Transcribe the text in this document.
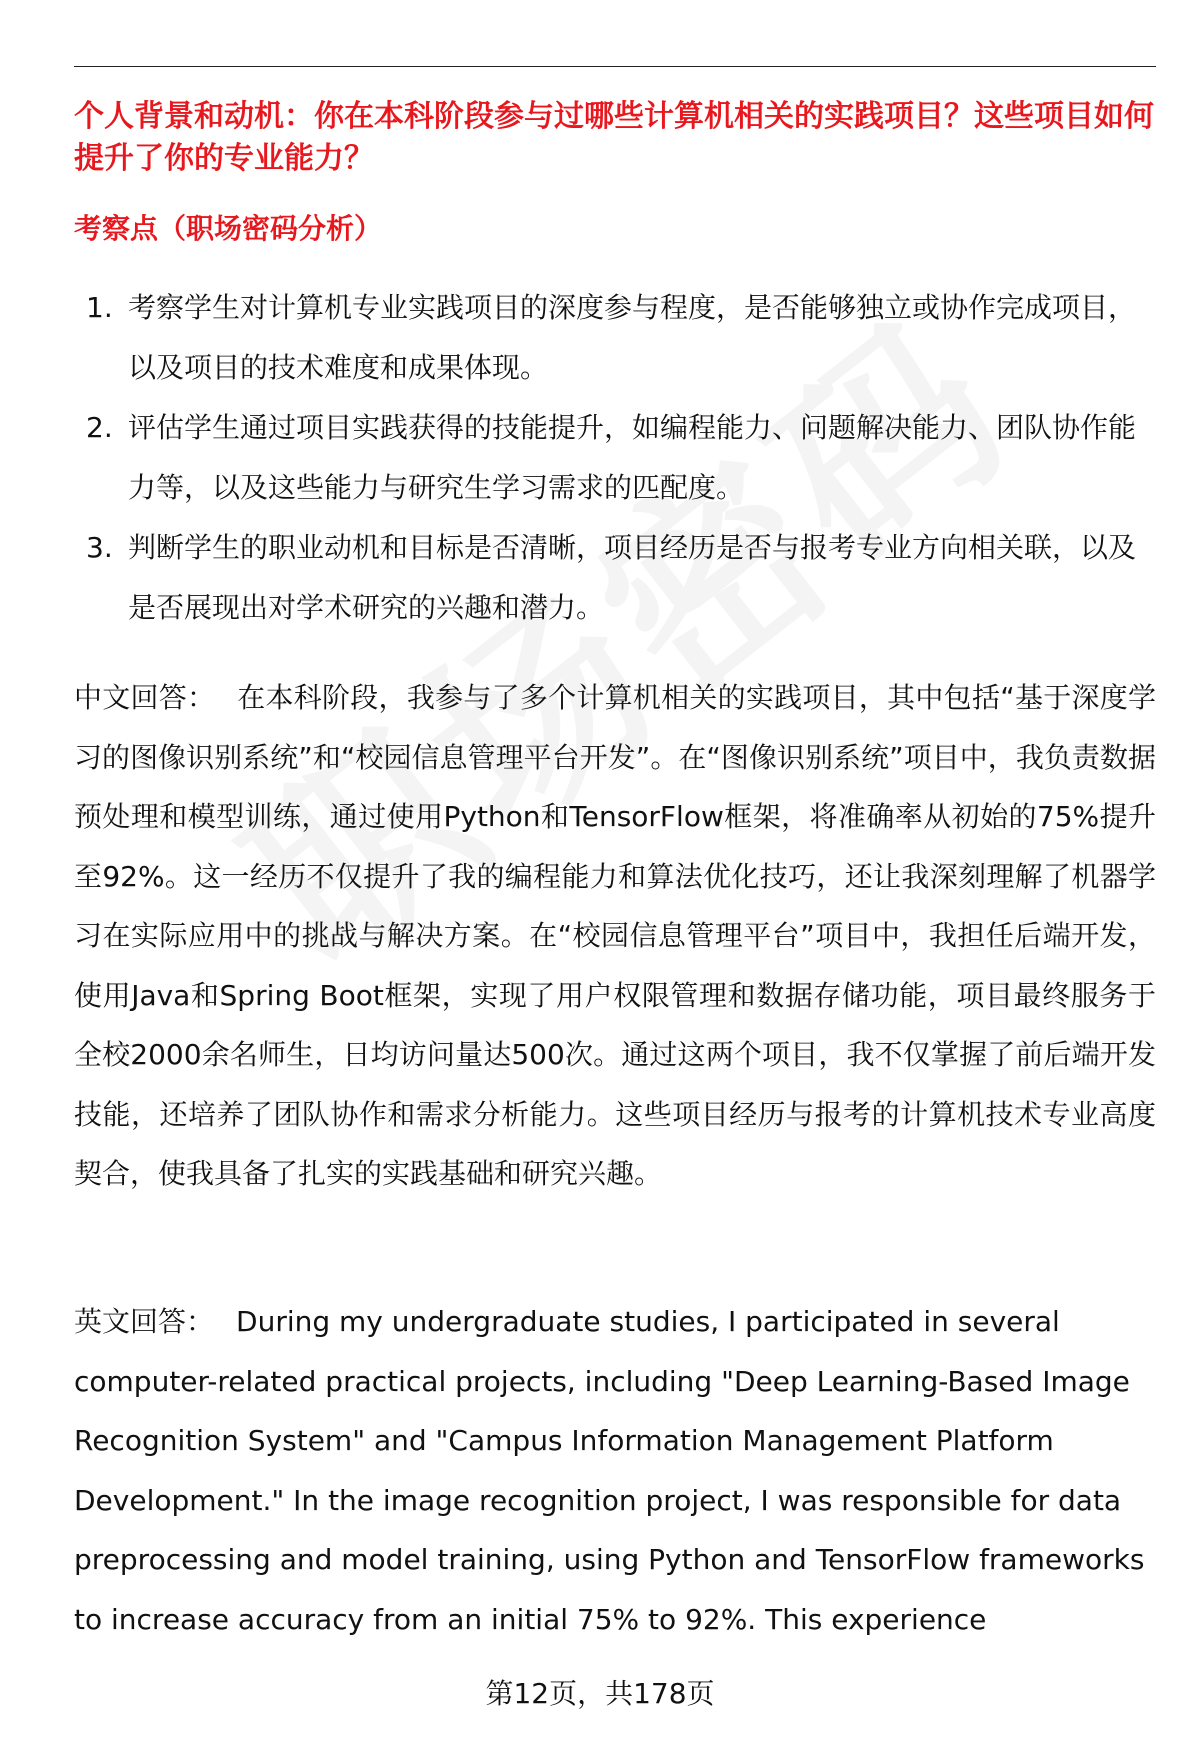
个人背景和动机：你在本科阶段参与过哪些计算机相关的实践项目？这些项目如何提升了你的专业能力？
考察点（职场密码分析）
1. 考察学生对计算机专业实践项目的深度参与程度，是否能够独立或协作完成项目，以及项目的技术难度和成果体现。
2. 评估学生通过项目实践获得的技能提升，如编程能力、问题解决能力、团队协作能力等，以及这些能力与研究生学习需求的匹配度。
3. 判断学生的职业动机和目标是否清晰，项目经历是否与报考专业方向相关联，以及是否展现出对学术研究的兴趣和潜力。

中文回答： 在本科阶段，我参与了多个计算机相关的实践项目，其中包括“基于深度学习的图像识别系统”和“校园信息管理平台开发”。在“图像识别系统”项目中，我负责数据预处理和模型训练，通过使用Python和TensorFlow框架，将准确率从初始的75%提升至92%。这一经历不仅提升了我的编程能力和算法优化技巧，还让我深刻理解了机器学习在实际应用中的挑战与解决方案。在“校园信息管理平台”项目中，我担任后端开发，使用Java和Spring Boot框架，实现了用户权限管理和数据存储功能，项目最终服务于全校2000余名师生，日均访问量达500次。通过这两个项目，我不仅掌握了前后端开发技能，还培养了团队协作和需求分析能力。这些项目经历与报考的计算机技术专业高度契合，使我具备了扎实的实践基础和研究兴趣。

英文回答： During my undergraduate studies, I participated in several computer-related practical projects, including "Deep Learning-Based Image Recognition System" and "Campus Information Management Platform Development." In the image recognition project, I was responsible for data preprocessing and model training, using Python and TensorFlow frameworks to increase accuracy from an initial 75% to 92%. This experience

第12页，共178页
